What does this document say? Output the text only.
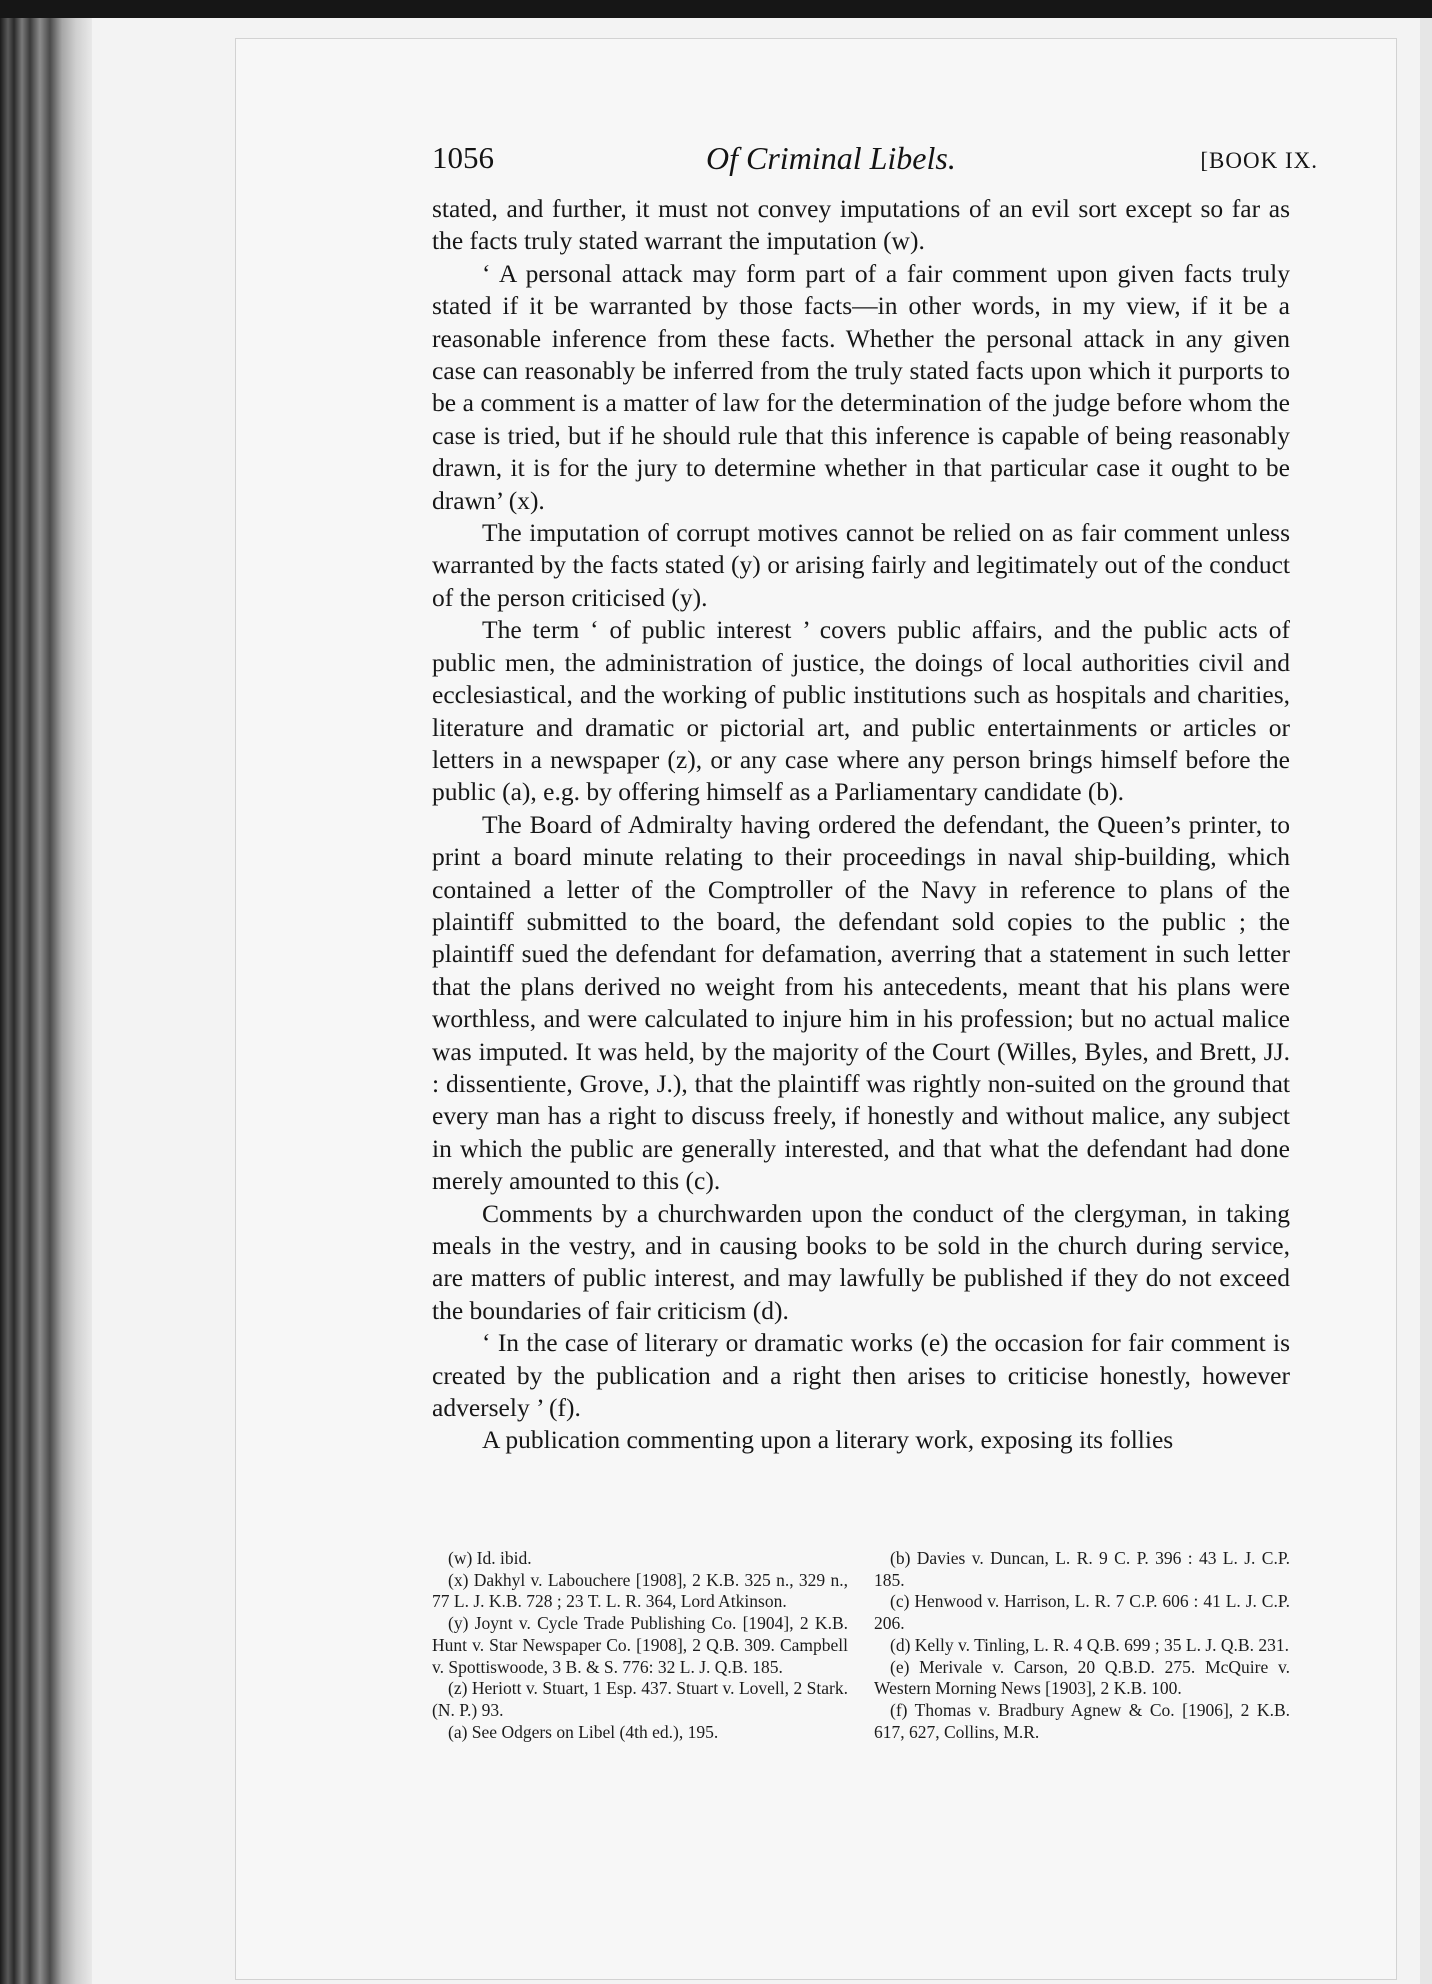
1056	Of Criminal Libels.	[BOOK IX.

stated, and further, it must not convey imputations of an evil sort except so far as the facts truly stated warrant the imputation (w).

‘ A personal attack may form part of a fair comment upon given facts truly stated if it be warranted by those facts—in other words, in my view, if it be a reasonable inference from these facts. Whether the personal attack in any given case can reasonably be inferred from the truly stated facts upon which it purports to be a comment is a matter of law for the determination of the judge before whom the case is tried, but if he should rule that this inference is capable of being reasonably drawn, it is for the jury to determine whether in that particular case it ought to be drawn’ (x).

The imputation of corrupt motives cannot be relied on as fair comment unless warranted by the facts stated (y) or arising fairly and legitimately out of the conduct of the person criticised (y).

The term ‘ of public interest ’ covers public affairs, and the public acts of public men, the administration of justice, the doings of local authorities civil and ecclesiastical, and the working of public institutions such as hospitals and charities, literature and dramatic or pictorial art, and public entertainments or articles or letters in a newspaper (z), or any case where any person brings himself before the public (a), e.g. by offering himself as a Parliamentary candidate (b).

The Board of Admiralty having ordered the defendant, the Queen’s printer, to print a board minute relating to their proceedings in naval ship-building, which contained a letter of the Comptroller of the Navy in reference to plans of the plaintiff submitted to the board, the defendant sold copies to the public ; the plaintiff sued the defendant for defamation, averring that a statement in such letter that the plans derived no weight from his antecedents, meant that his plans were worthless, and were calculated to injure him in his profession; but no actual malice was imputed. It was held, by the majority of the Court (Willes, Byles, and Brett, JJ. : dissentiente, Grove, J.), that the plaintiff was rightly non-suited on the ground that every man has a right to discuss freely, if honestly and without malice, any subject in which the public are generally interested, and that what the defendant had done merely amounted to this (c).

Comments by a churchwarden upon the conduct of the clergyman, in taking meals in the vestry, and in causing books to be sold in the church during service, are matters of public interest, and may lawfully be published if they do not exceed the boundaries of fair criticism (d).

‘ In the case of literary or dramatic works (e) the occasion for fair comment is created by the publication and a right then arises to criticise honestly, however adversely ’ (f).

A publication commenting upon a literary work, exposing its follies

(w) Id. ibid.

(x) Dakhyl v. Labouchere [1908], 2 K.B. 325 n., 329 n., 77 L. J. K.B. 728 ; 23 T. L. R. 364, Lord Atkinson.

(y) Joynt v. Cycle Trade Publishing Co. [1904], 2 K.B. Hunt v. Star Newspaper Co. [1908], 2 Q.B. 309. Campbell v. Spottiswoode, 3 B. & S. 776: 32 L. J. Q.B. 185.

(z) Heriott v. Stuart, 1 Esp. 437. Stuart v. Lovell, 2 Stark. (N. P.) 93.

(a) See Odgers on Libel (4th ed.), 195.

(b) Davies v. Duncan, L. R. 9 C. P. 396 : 43 L. J. C.P. 185.

(c) Henwood v. Harrison, L. R. 7 C.P. 606 : 41 L. J. C.P. 206.

(d) Kelly v. Tinling, L. R. 4 Q.B. 699 ; 35 L. J. Q.B. 231.

(e) Merivale v. Carson, 20 Q.B.D. 275. McQuire v. Western Morning News [1903], 2 K.B. 100.

(f) Thomas v. Bradbury Agnew & Co. [1906], 2 K.B. 617, 627, Collins, M.R.
